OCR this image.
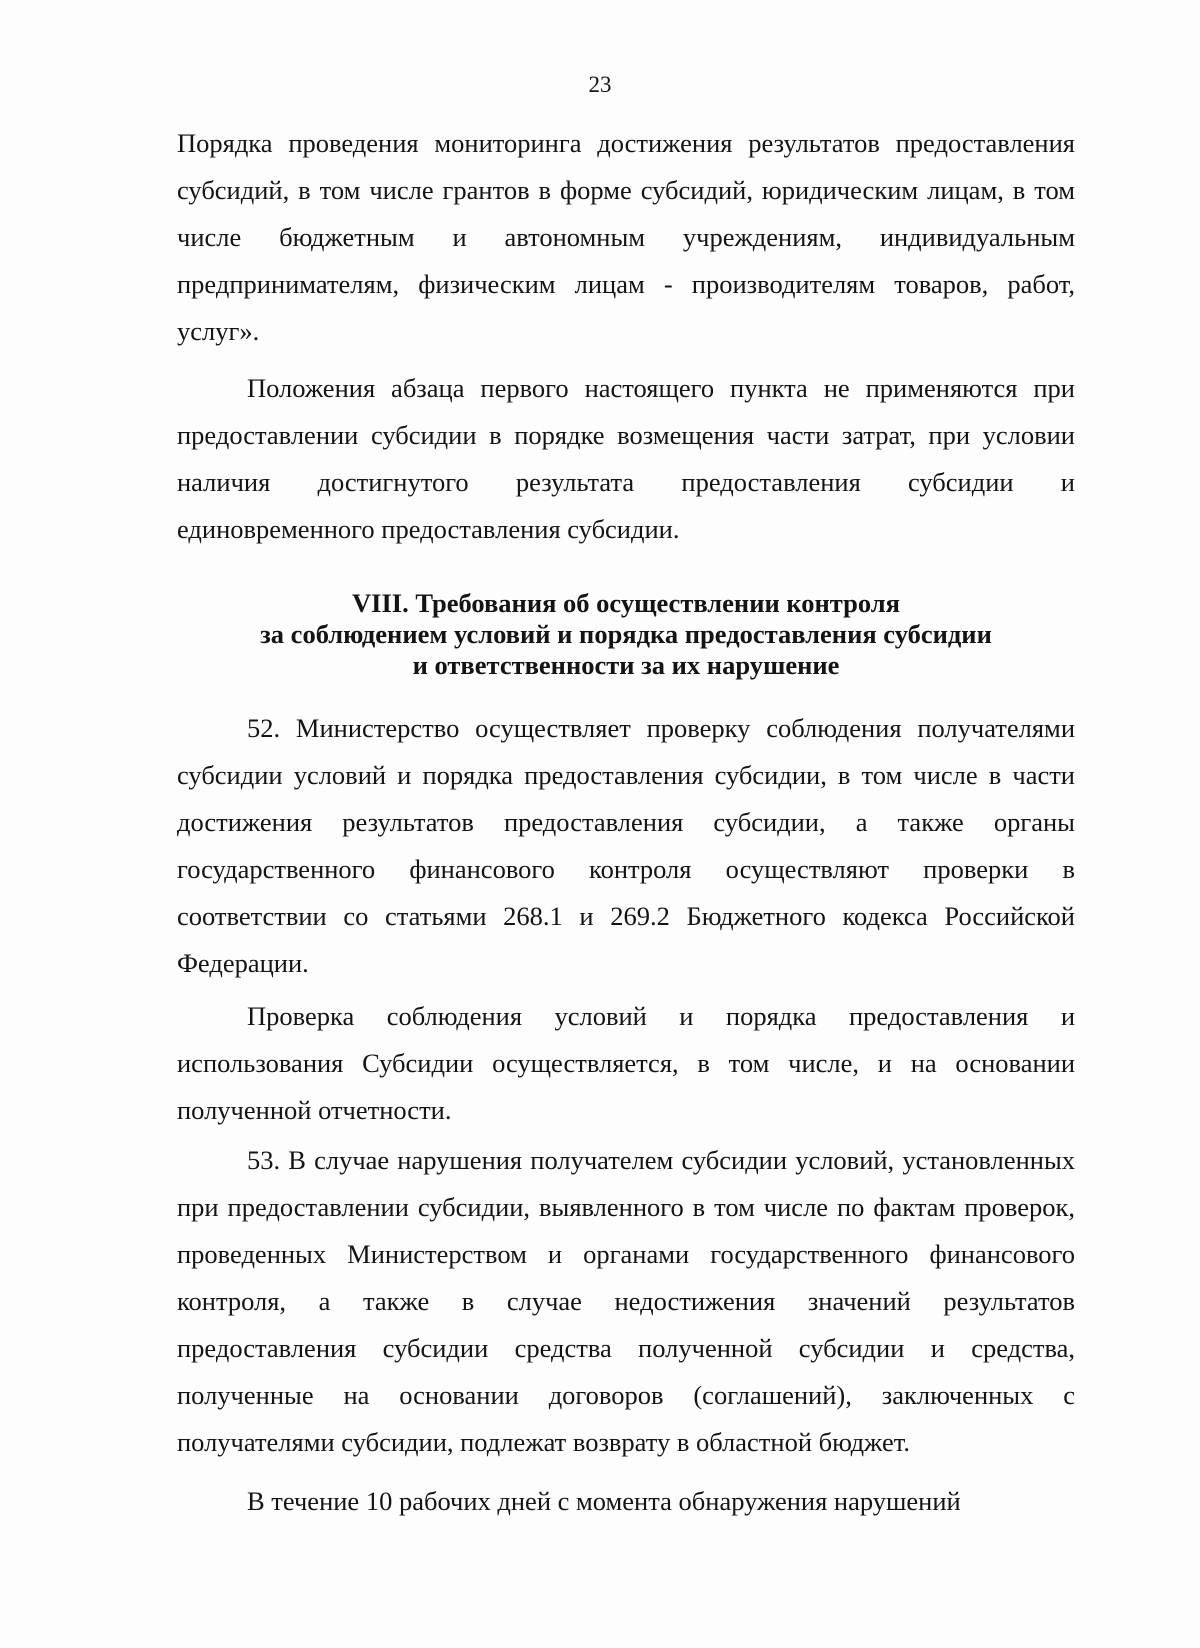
23

Порядка проведения мониторинга достижения результатов предоставления субсидий, в том числе грантов в форме субсидий, юридическим лицам, в том числе бюджетным и автономным учреждениям, индивидуальным предпринимателям, физическим лицам - производителям товаров, работ, услуг».

Положения абзаца первого настоящего пункта не применяются при предоставлении субсидии в порядке возмещения части затрат, при условии наличия достигнутого результата предоставления субсидии и единовременного предоставления субсидии.

VIII. Требования об осуществлении контроля
за соблюдением условий и порядка предоставления субсидии
и ответственности за их нарушение

52. Министерство осуществляет проверку соблюдения получателями субсидии условий и порядка предоставления субсидии, в том числе в части достижения результатов предоставления субсидии, а также органы государственного финансового контроля осуществляют проверки в соответствии со статьями 268.1 и 269.2 Бюджетного кодекса Российской Федерации.

Проверка соблюдения условий и порядка предоставления и использования Субсидии осуществляется, в том числе, и на основании полученной отчетности.

53. В случае нарушения получателем субсидии условий, установленных при предоставлении субсидии, выявленного в том числе по фактам проверок, проведенных Министерством и органами государственного финансового контроля, а также в случае недостижения значений результатов предоставления субсидии средства полученной субсидии и средства, полученные на основании договоров (соглашений), заключенных с получателями субсидии, подлежат возврату в областной бюджет.

В течение 10 рабочих дней с момента обнаружения нарушений
